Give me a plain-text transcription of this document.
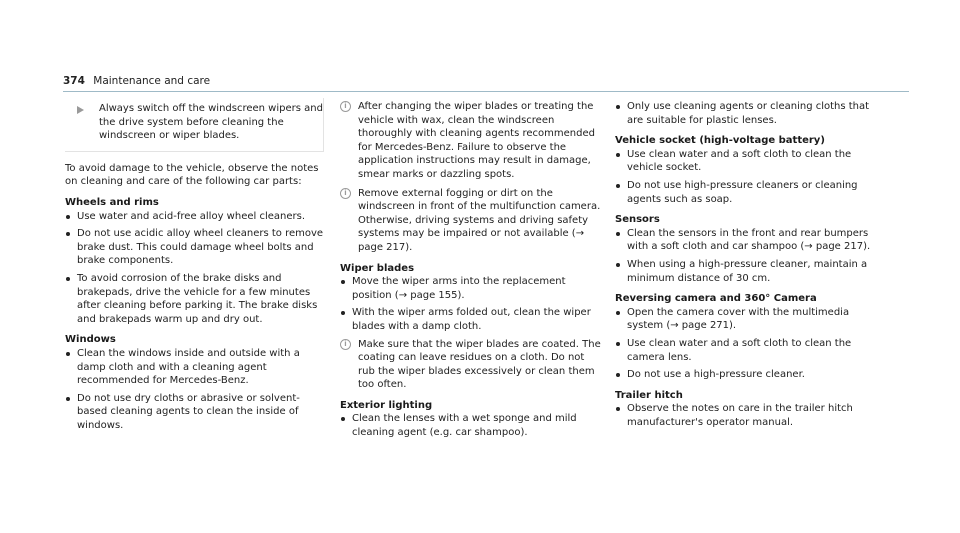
374 Maintenance and care

Always switch off the windscreen wipers and the drive system before cleaning the windscreen or wiper blades.

To avoid damage to the vehicle, observe the notes on cleaning and care of the following car parts:

Wheels and rims
Use water and acid-free alloy wheel cleaners.
Do not use acidic alloy wheel cleaners to remove brake dust. This could damage wheel bolts and brake components.
To avoid corrosion of the brake disks and brakepads, drive the vehicle for a few minutes after cleaning before parking it. The brake disks and brakepads warm up and dry out.
Windows
Clean the windows inside and outside with a damp cloth and with a cleaning agent recommended for Mercedes-Benz.
Do not use dry cloths or abrasive or solvent-based cleaning agents to clean the inside of windows.
i

After changing the wiper blades or treating the vehicle with wax, clean the windscreen thoroughly with cleaning agents recommended for Mercedes-Benz. Failure to observe the application instructions may result in damage, smear marks or dazzling spots.

i

Remove external fogging or dirt on the windscreen in front of the multifunction camera. Otherwise, driving systems and driving safety systems may be impaired or not available (→ page 217).

Wiper blades
Move the wiper arms into the replacement position (→ page 155).
With the wiper arms folded out, clean the wiper blades with a damp cloth.
i

Make sure that the wiper blades are coated. The coating can leave residues on a cloth. Do not rub the wiper blades excessively or clean them too often.

Exterior lighting
Clean the lenses with a wet sponge and mild cleaning agent (e.g. car shampoo).
Only use cleaning agents or cleaning cloths that are suitable for plastic lenses.
Vehicle socket (high-voltage battery)
Use clean water and a soft cloth to clean the vehicle socket.
Do not use high-pressure cleaners or cleaning agents such as soap.
Sensors
Clean the sensors in the front and rear bumpers with a soft cloth and car shampoo (→ page 217).
When using a high-pressure cleaner, maintain a minimum distance of 30 cm.
Reversing camera and 360° Camera
Open the camera cover with the multimedia system (→ page 271).
Use clean water and a soft cloth to clean the camera lens.
Do not use a high-pressure cleaner.
Trailer hitch
Observe the notes on care in the trailer hitch manufacturer's operator manual.
